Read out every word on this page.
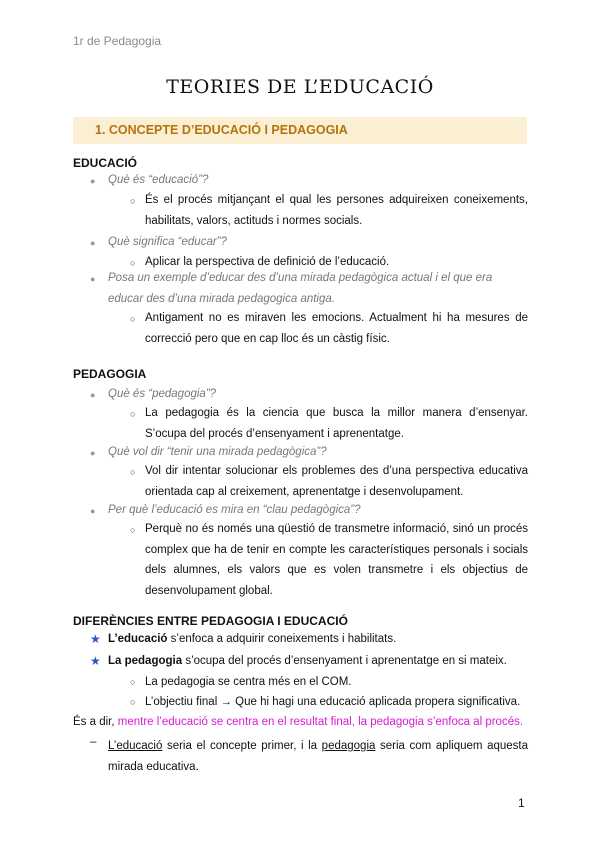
1r de Pedagogia
TEORIES DE L’EDUCACIÓ
1. CONCEPTE D’EDUCACIÓ I PEDAGOGIA
EDUCACIÓ
● Què és “educació”?
○ És el procés mitjançant el qual les persones adquireixen coneixements, habilitats, valors, actituds i normes socials.
● Què significa “educar”?
○ Aplicar la perspectiva de definició de l’educació.
● Posa un exemple d’educar des d’una mirada pedagògica actual i el que era educar des d’una mirada pedagogica antiga.
○ Antigament no es miraven les emocions. Actualment hi ha mesures de correcció pero que en cap lloc és un càstig físic.
PEDAGOGIA
● Què és “pedagogia”?
○ La pedagogia és la ciencia que busca la millor manera d’ensenyar. S’ocupa del procés d’ensenyament i aprenentatge.
● Què vol dir “tenir una mirada pedagògica”?
○ Vol dir intentar solucionar els problemes des d’una perspectiva educativa orientada cap al creixement, aprenentatge i desenvolupament.
● Per què l’educació es mira en “clau pedagògica”?
○ Perquè no és només una qüestió de transmetre informació, sinó un procés complex que ha de tenir en compte les característiques personals i socials dels alumnes, els valors que es volen transmetre i els objectius de desenvolupament global.
DIFERÈNCIES ENTRE PEDAGOGIA I EDUCACIÓ
★ L’educació s’enfoca a adquirir coneixements i habilitats.
★ La pedagogia s’ocupa del procés d’ensenyament i aprenentatge en si mateix.
○ La pedagogia se centra més en el COM.
○ L’objectiu final → Que hi hagi una educació aplicada propera significativa.
És a dir, mentre l’educació se centra en el resultat final, la pedagogia s’enfoca al procés.
– L’educació seria el concepte primer, i la pedagogia seria com apliquem aquesta mirada educativa.
1
